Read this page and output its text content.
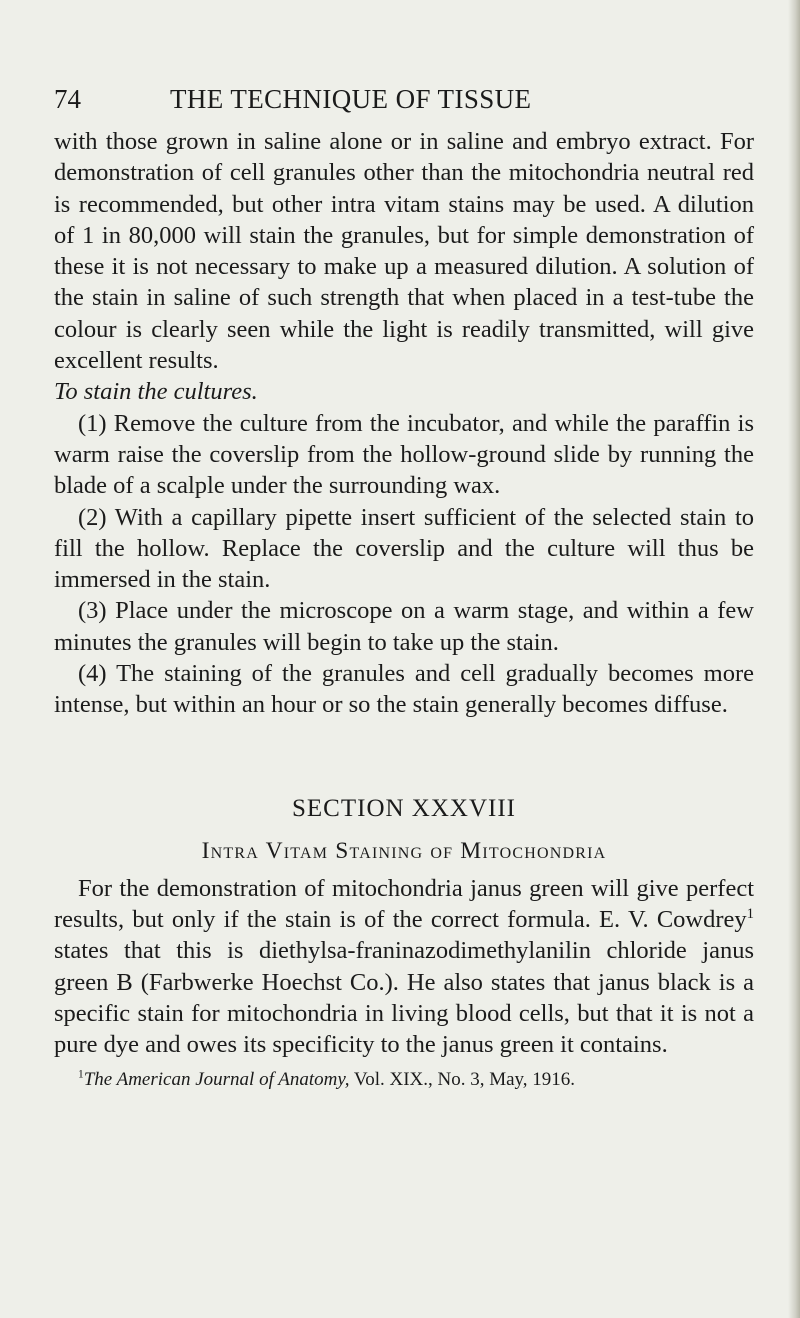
74	THE TECHNIQUE OF TISSUE

with those grown in saline alone or in saline and embryo extract. For demonstration of cell granules other than the mitochondria neutral red is recommended, but other intra vitam stains may be used. A dilution of 1 in 80,000 will stain the granules, but for simple demonstration of these it is not necessary to make up a measured dilution. A solution of the stain in saline of such strength that when placed in a test-tube the colour is clearly seen while the light is readily transmitted, will give excellent results.

To stain the cultures.

(1) Remove the culture from the incubator, and while the paraffin is warm raise the coverslip from the hollow-ground slide by running the blade of a scalple under the surrounding wax.

(2) With a capillary pipette insert sufficient of the selected stain to fill the hollow. Replace the coverslip and the culture will thus be immersed in the stain.

(3) Place under the microscope on a warm stage, and within a few minutes the granules will begin to take up the stain.

(4) The staining of the granules and cell gradually becomes more intense, but within an hour or so the stain generally becomes diffuse.

SECTION XXXVIII

Intra Vitam Staining of Mitochondria

For the demonstration of mitochondria janus green will give perfect results, but only if the stain is of the correct formula. E. V. Cowdrey$^1$ states that this is diethylsa-franinazodimethylanilin chloride janus green B (Farbwerke Hoechst Co.). He also states that janus black is a specific stain for mitochondria in living blood cells, but that it is not a pure dye and owes its specificity to the janus green it contains.

$^1$The American Journal of Anatomy, Vol. XIX., No. 3, May, 1916.
